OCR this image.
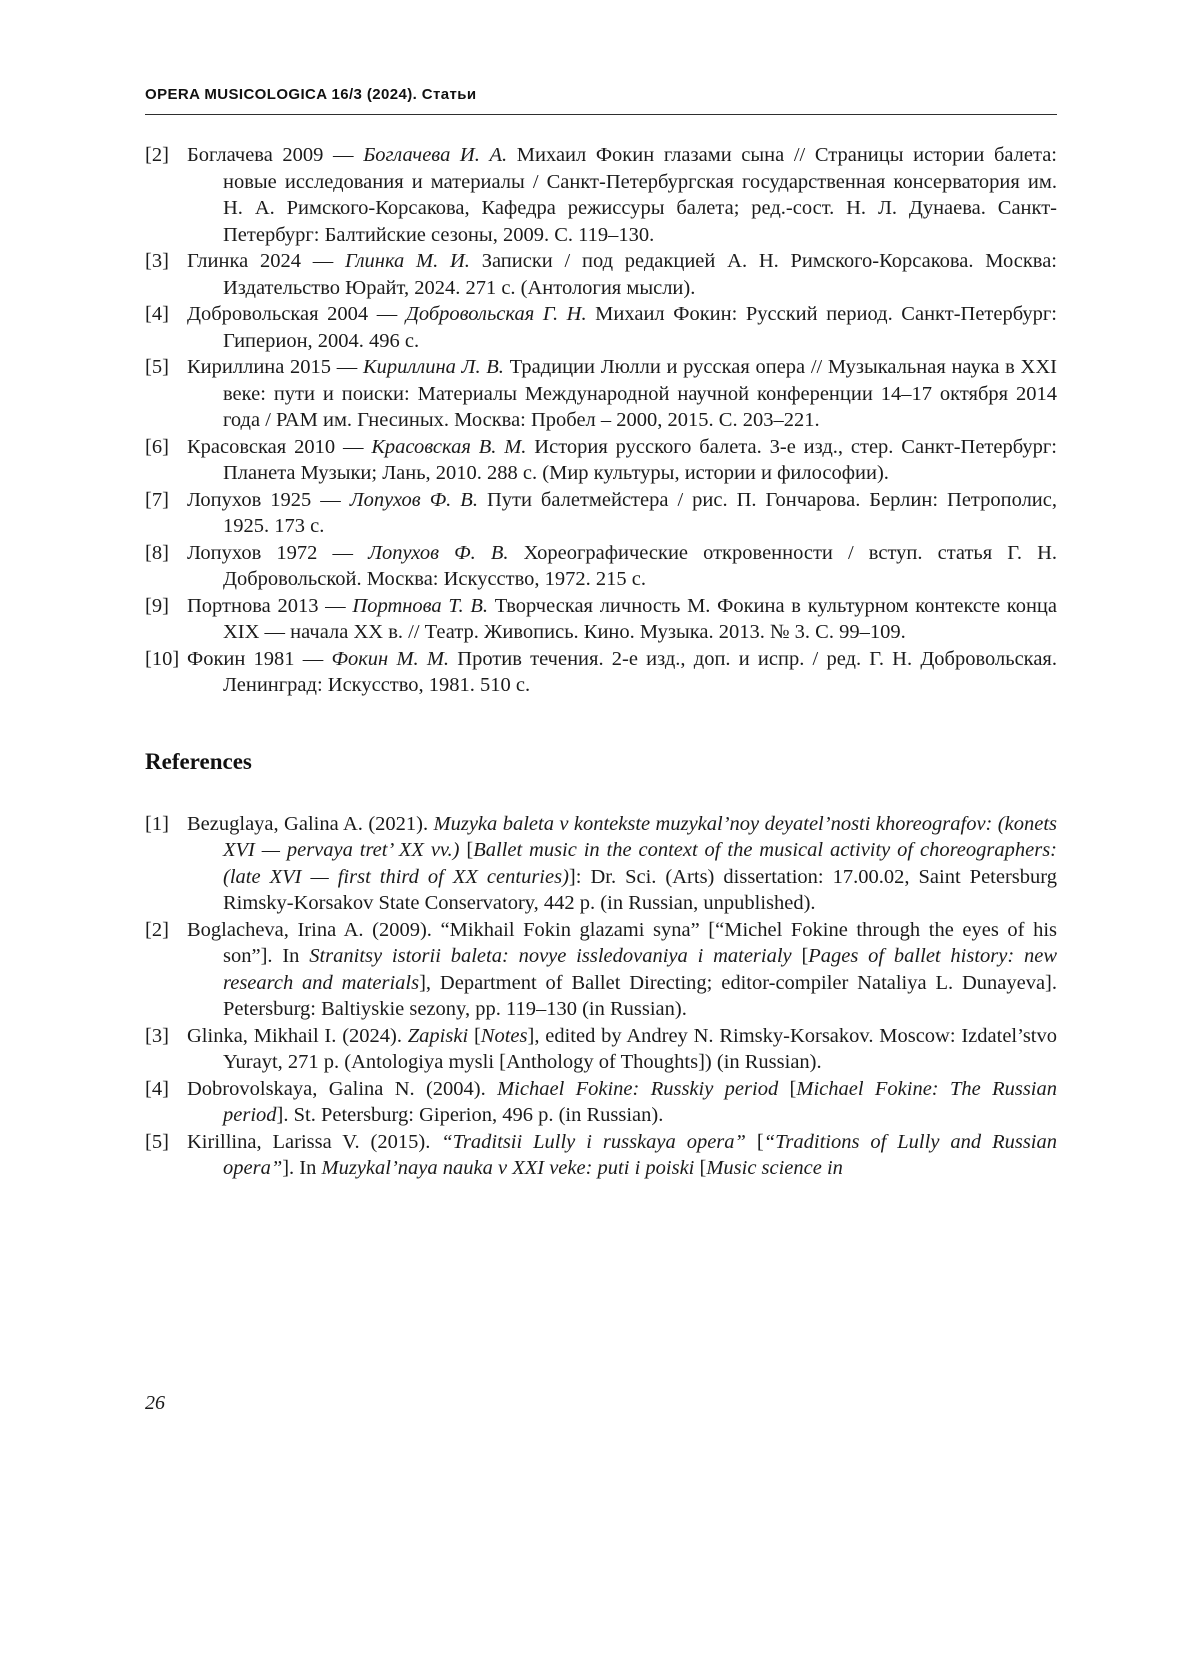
OPERA MUSICOLOGICA 16/3 (2024). Статьи
[2] Боглачева 2009 — Боглачева И. А. Михаил Фокин глазами сына // Страницы истории балета: новые исследования и материалы / Санкт-Петербургская государственная консерватория им. Н. А. Римского-Корсакова, Кафедра режиссуры балета; ред.-сост. Н. Л. Дунаева. Санкт-Петербург: Балтийские сезоны, 2009. С. 119–130.
[3] Глинка 2024 — Глинка М. И. Записки / под редакцией А. Н. Римского-Корсакова. Москва: Издательство Юрайт, 2024. 271 с. (Антология мысли).
[4] Добровольская 2004 — Добровольская Г. Н. Михаил Фокин: Русский период. Санкт-Петербург: Гиперион, 2004. 496 с.
[5] Кириллина 2015 — Кириллина Л. В. Традиции Люлли и русская опера // Музыкальная наука в XXI веке: пути и поиски: Материалы Международной научной конференции 14–17 октября 2014 года / РАМ им. Гнесиных. Москва: Пробел – 2000, 2015. С. 203–221.
[6] Красовская 2010 — Красовская В. М. История русского балета. 3-е изд., стер. Санкт-Петербург: Планета Музыки; Лань, 2010. 288 с. (Мир культуры, истории и философии).
[7] Лопухов 1925 — Лопухов Ф. В. Пути балетмейстера / рис. П. Гончарова. Берлин: Петрополис, 1925. 173 с.
[8] Лопухов 1972 — Лопухов Ф. В. Хореографические откровенности / вступ. статья Г. Н. Добровольской. Москва: Искусство, 1972. 215 с.
[9] Портнова 2013 — Портнова Т. В. Творческая личность М. Фокина в культурном контексте конца XIX — начала XX в. // Театр. Живопись. Кино. Музыка. 2013. № 3. С. 99–109.
[10] Фокин 1981 — Фокин М. М. Против течения. 2-е изд., доп. и испр. / ред. Г. Н. Добровольская. Ленинград: Искусство, 1981. 510 с.
References
[1] Bezuglaya, Galina A. (2021). Muzyka baleta v kontekste muzykal’noy deyatel’nosti khoreografov: (konets XVI — pervaya tret’ XX vv.) [Ballet music in the context of the musical activity of choreographers: (late XVI — first third of XX centuries)]: Dr. Sci. (Arts) dissertation: 17.00.02, Saint Petersburg Rimsky-Korsakov State Conservatory, 442 p. (in Russian, unpublished).
[2] Boglacheva, Irina A. (2009). “Mikhail Fokin glazami syna” [“Michel Fokine through the eyes of his son”]. In Stranitsy istorii baleta: novye issledovaniya i materialy [Pages of ballet history: new research and materials], Department of Ballet Directing; editor-compiler Nataliya L. Dunayeva]. Petersburg: Baltiyskie sezony, pp. 119–130 (in Russian).
[3] Glinka, Mikhail I. (2024). Zapiski [Notes], edited by Andrey N. Rimsky-Korsakov. Moscow: Izdatel’stvo Yurayt, 271 p. (Antologiya mysli [Anthology of Thoughts]) (in Russian).
[4] Dobrovolskaya, Galina N. (2004). Michael Fokine: Russkiy period [Michael Fokine: The Russian period]. St. Petersburg: Giperion, 496 p. (in Russian).
[5] Kirillina, Larissa V. (2015). “Traditsii Lully i russkaya opera” [“Traditions of Lully and Russian opera”]. In Muzykal’naya nauka v XXI veke: puti i poiski [Music science in
26
